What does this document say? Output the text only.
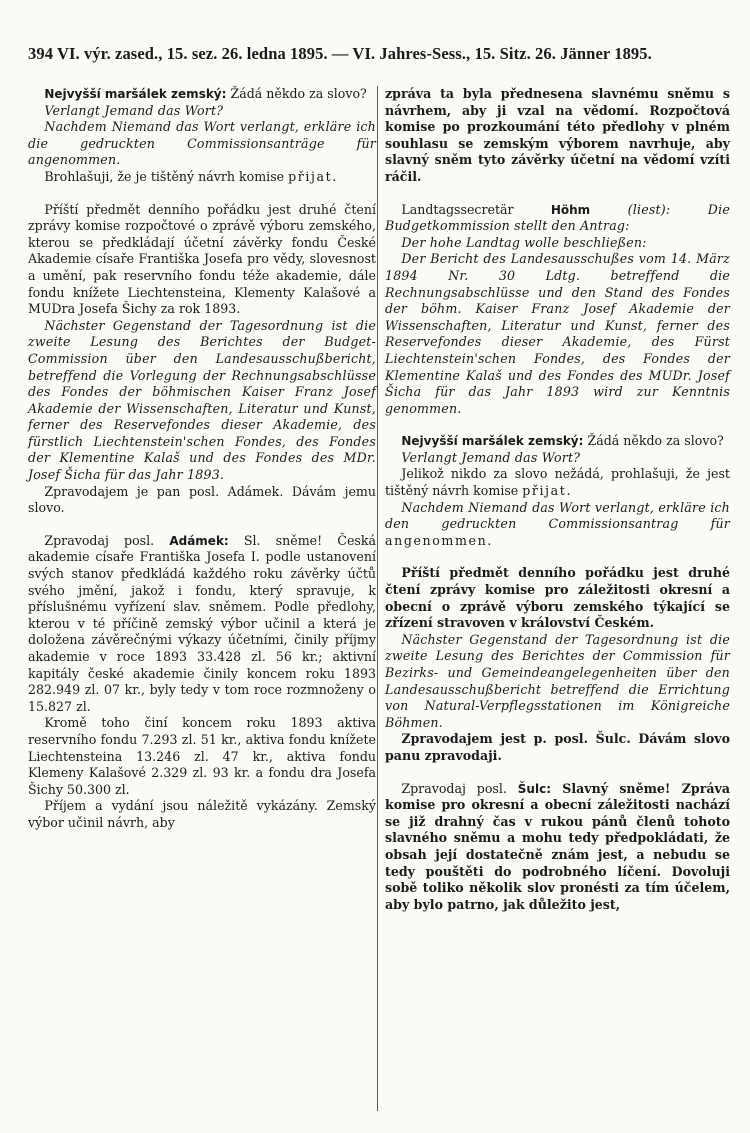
394 VI. výr. zased., 15. sez. 26. ledna 1895. — VI. Jahres-Sess., 15. Sitz. 26. Jänner 1895.

Nejvyšší maršálek zemský: Žádá někdo za slovo?

Verlangt Jemand das Wort?

Nachdem Niemand das Wort verlangt, erkläre ich die gedruckten Commissionsanträge für angenommen.

Brohlašuji, že je tištěný návrh komise přijat.

Příští předmět denního pořádku jest druhé čtení zprávy komise rozpočtové o zprávě výboru zemského, kterou se předkládají účetní závěrky fondu České Akademie císaře Františka Josefa pro vědy, slovesnost a umění, pak reservního fondu téže akademie, dále fondu knížete Liechtensteina, Klementy Kalašové a MUDra Josefa Šichy za rok 1893.

Nächster Gegenstand der Tagesordnung ist die zweite Lesung des Berichtes der Budget-Commission über den Landesausschußbericht, betreffend die Vorlegung der Rechnungsabschlüsse des Fondes der böhmischen Kaiser Franz Josef Akademie der Wissenschaften, Literatur und Kunst, ferner des Reservefondes dieser Akademie, des fürstlich Liechtenstein'schen Fondes, des Fondes der Klementine Kalaš und des Fondes des MDr. Josef Šicha für das Jahr 1893.

Zpravodajem je pan posl. Adámek. Dávám jemu slovo.

Zpravodaj posl. Adámek: Sl. sněme! Česká akademie císaře Františka Josefa I. podle ustanovení svých stanov předkládá každého roku závěrky účtů svého jmění, jakož i fondu, který spravuje, k příslušnému vyřízení slav. sněmem. Podle předlohy, kterou v té příčině zemský výbor učinil a která je doložena závěrečnými výkazy účetními, činily příjmy akademie v roce 1893 33.428 zl. 56 kr.; aktivní kapitály české akademie činily koncem roku 1893 282.949 zl. 07 kr., byly tedy v tom roce rozmnoženy o 15.827 zl.

Kromě toho činí koncem roku 1893 aktiva reservního fondu 7.293 zl. 51 kr., aktiva fondu knížete Liechtensteina 13.246 zl. 47 kr., aktiva fondu Klemeny Kalašové 2.329 zl. 93 kr. a fondu dra Josefa Šichy 50.300 zl.

Příjem a vydání jsou náležitě vykázány. Zemský výbor učinil návrh, aby

zpráva ta byla přednesena slavnému sněmu s návrhem, aby ji vzal na vědomí. Rozpočtová komise po prozkoumání této předlohy v plném souhlasu se zemským výborem navrhuje, aby slavný sněm tyto závěrky účetní na vědomí vzíti ráčil.

Landtagssecretär Höhm (liest): Die Budgetkommission stellt den Antrag:

Der hohe Landtag wolle beschließen:

Der Bericht des Landesausschußes vom 14. März 1894 Nr. 30 Ldtg. betreffend die Rechnungsabschlüsse und den Stand des Fondes der böhm. Kaiser Franz Josef Akademie der Wissenschaften, Literatur und Kunst, ferner des Reservefondes dieser Akademie, des Fürst Liechtenstein'schen Fondes, des Fondes der Klementine Kalaš und des Fondes des MUDr. Josef Šicha für das Jahr 1893 wird zur Kenntnis genommen.

Nejvyšší maršálek zemský: Žádá někdo za slovo?

Verlangt Jemand das Wort?

Jelikož nikdo za slovo nežádá, prohlašuji, že jest tištěný návrh komise přijat.

Nachdem Niemand das Wort verlangt, erkläre ich den gedruckten Commissionsantrag für angenommen.

Příští předmět denního pořádku jest druhé čtení zprávy komise pro záležitosti okresní a obecní o zprávě výboru zemského týkající se zřízení stravoven v království Českém.

Nächster Gegenstand der Tagesordnung ist die zweite Lesung des Berichtes der Commission für Bezirks- und Gemeindeangelegenheiten über den Landesausschußbericht betreffend die Errichtung von Natural-Verpflegsstationen im Königreiche Böhmen.

Zpravodajem jest p. posl. Šulc. Dávám slovo panu zpravodaji.

Zpravodaj posl. Šulc: Slavný sněme! Zpráva komise pro okresní a obecní záležitosti nachází se již drahný čas v rukou pánů členů tohoto slavného sněmu a mohu tedy předpokládati, že obsah její dostatečně znám jest, a nebudu se tedy pouštěti do podrobného líčení. Dovoluji sobě toliko několik slov pronésti za tím účelem, aby bylo patrno, jak důležito jest,
